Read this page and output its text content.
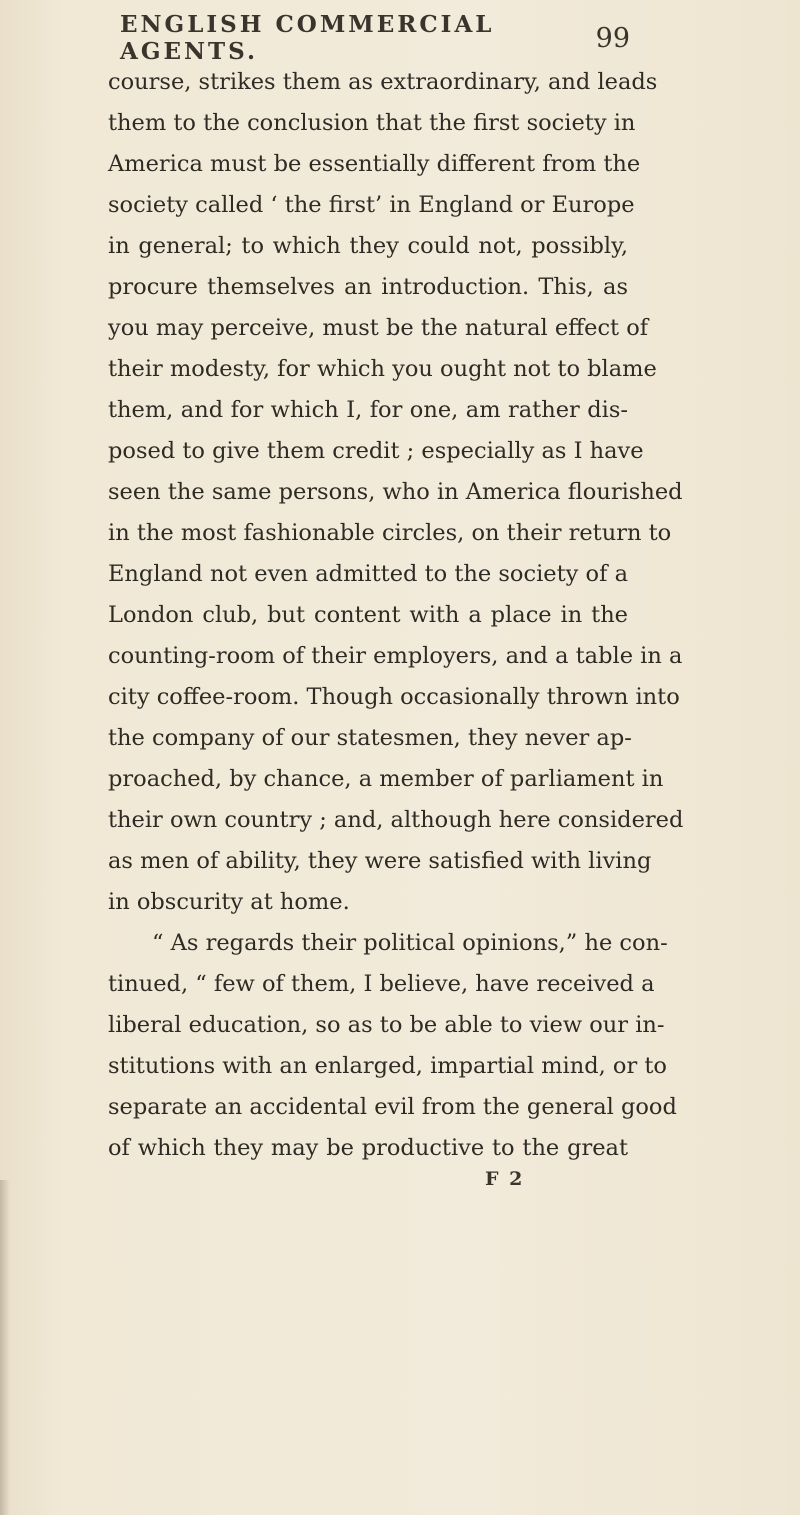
ENGLISH COMMERCIAL AGENTS.	99
course, strikes them as extraordinary, and leads
them to the conclusion that the first society in
America must be essentially different from the
society called ‘ the first’ in England or Europe
in general; to which they could not, possibly,
procure themselves an introduction. This, as
you may perceive, must be the natural effect of
their modesty, for which you ought not to blame
them, and for which I, for one, am rather dis-
posed to give them credit ; especially as I have
seen the same persons, who in America flourished
in the most fashionable circles, on their return to
England not even admitted to the society of a
London club, but content with a place in the
counting-room of their employers, and a table in a
city coffee-room. Though occasionally thrown into
the company of our statesmen, they never ap-
proached, by chance, a member of parliament in
their own country ; and, although here considered
as men of ability, they were satisfied with living
in obscurity at home.
“ As regards their political opinions,” he con-
tinued, “ few of them, I believe, have received a
liberal education, so as to be able to view our in-
stitutions with an enlarged, impartial mind, or to
separate an accidental evil from the general good
of which they may be productive to the great
F 2
